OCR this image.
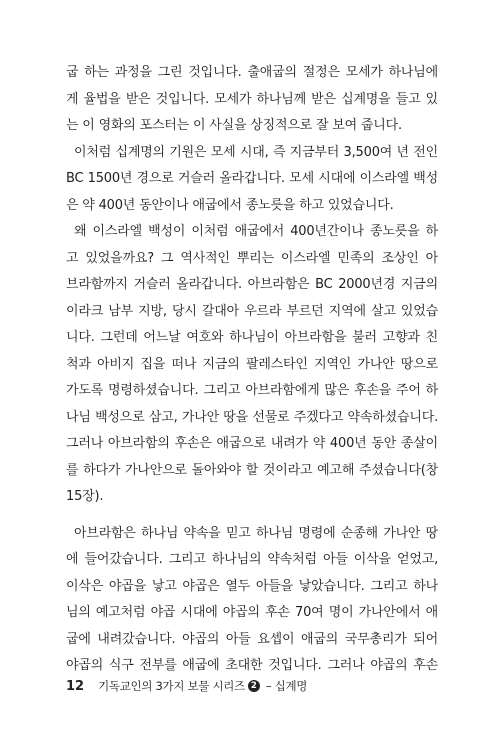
굽 하는 과정을 그린 것입니다. 출애굽의 절정은 모세가 하나님에
게 율법을 받은 것입니다. 모세가 하나님께 받은 십계명을 들고 있
는 이 영화의 포스터는 이 사실을 상징적으로 잘 보여 줍니다.
이처럼 십계명의 기원은 모세 시대, 즉 지금부터 3,500여 년 전인
BC 1500년 경으로 거슬러 올라갑니다. 모세 시대에 이스라엘 백성
은 약 400년 동안이나 애굽에서 종노릇을 하고 있었습니다.
왜 이스라엘 백성이 이처럼 애굽에서 400년간이나 종노릇을 하
고 있었을까요? 그 역사적인 뿌리는 이스라엘 민족의 조상인 아
브라함까지 거슬러 올라갑니다. 아브라함은 BC 2000년경 지금의
이라크 남부 지방, 당시 갈대아 우르라 부르던 지역에 살고 있었습
니다. 그런데 어느날 여호와 하나님이 아브라함을 불러 고향과 친
척과 아비지 집을 떠나 지금의 팔레스타인 지역인 가나안 땅으로
가도록 명령하셨습니다. 그리고 아브라함에게 많은 후손을 주어 하
나님 백성으로 삼고, 가나안 땅을 선물로 주겠다고 약속하셨습니다.
그러나 아브라함의 후손은 애굽으로 내려가 약 400년 동안 종살이
를 하다가 가나안으로 돌아와야 할 것이라고 예고해 주셨습니다(창
15장).
아브라함은 하나님 약속을 믿고 하나님 명령에 순종해 가나안 땅
에 들어갔습니다. 그리고 하나님의 약속처럼 아들 이삭을 얻었고,
이삭은 야곱을 낳고 야곱은 열두 아들을 낳았습니다. 그리고 하나
님의 예고처럼 야곱 시대에 야곱의 후손 70여 명이 가나안에서 애
굽에 내려갔습니다. 야곱의 아들 요셉이 애굽의 국무총리가 되어
야곱의 식구 전부를 애굽에 초대한 것입니다. 그러나 야곱의 후손
12 기독교인의 3가지 보물 시리즈 2 – 십계명
